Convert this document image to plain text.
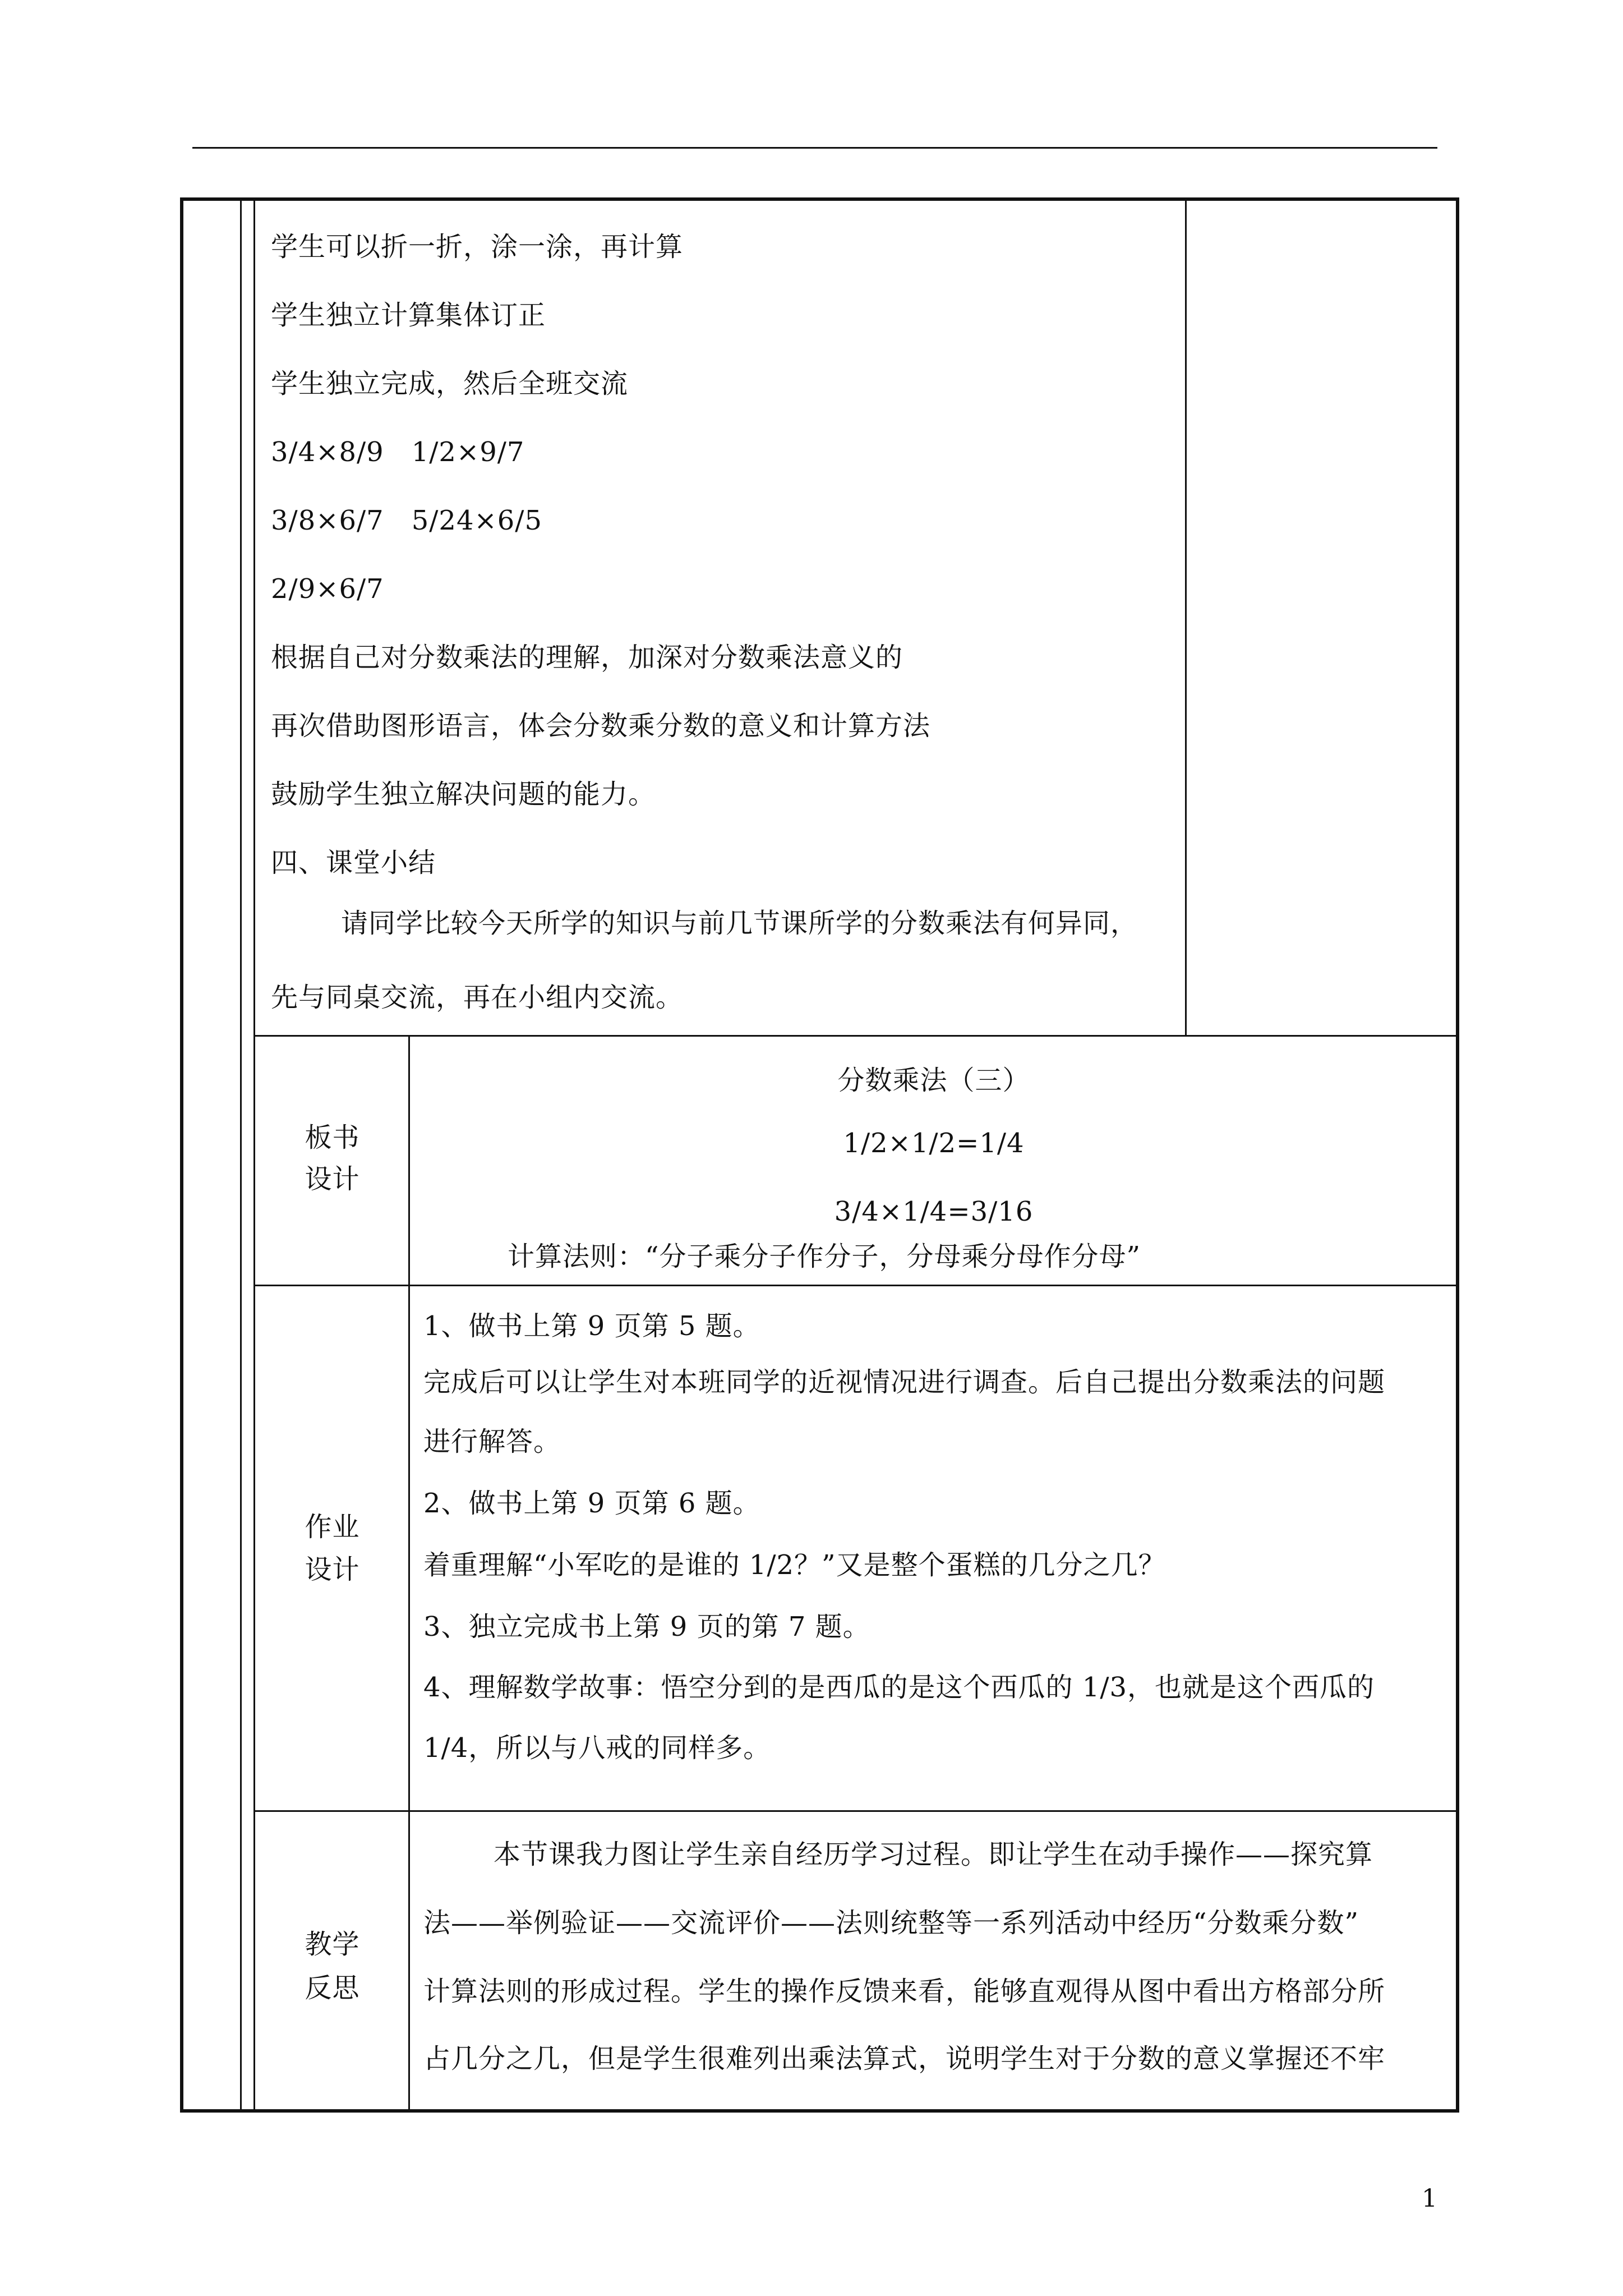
学生可以折一折，涂一涂，再计算
学生独立计算集体订正
学生独立完成，然后全班交流
3/4×8/9　1/2×9/7
3/8×6/7　5/24×6/5
2/9×6/7
根据自己对分数乘法的理解，加深对分数乘法意义的
再次借助图形语言，体会分数乘分数的意义和计算方法
鼓励学生独立解决问题的能力。
四、课堂小结
请同学比较今天所学的知识与前几节课所学的分数乘法有何异同，
先与同桌交流，再在小组内交流。
板书
设计
分数乘法（三）
1/2×1/2=1/4
3/4×1/4=3/16
计算法则：“分子乘分子作分子，分母乘分母作分母”
作业
设计
1、做书上第 9 页第 5 题。
完成后可以让学生对本班同学的近视情况进行调查。后自己提出分数乘法的问题
进行解答。
2、做书上第 9 页第 6 题。
着重理解“小军吃的是谁的 1/2？”又是整个蛋糕的几分之几？
3、独立完成书上第 9 页的第 7 题。
4、理解数学故事：悟空分到的是西瓜的是这个西瓜的 1/3，也就是这个西瓜的
1/4，所以与八戒的同样多。
教学
反思
本节课我力图让学生亲自经历学习过程。即让学生在动手操作——探究算
法——举例验证——交流评价——法则统整等一系列活动中经历“分数乘分数”
计算法则的形成过程。学生的操作反馈来看，能够直观得从图中看出方格部分所
占几分之几，但是学生很难列出乘法算式，说明学生对于分数的意义掌握还不牢
1
